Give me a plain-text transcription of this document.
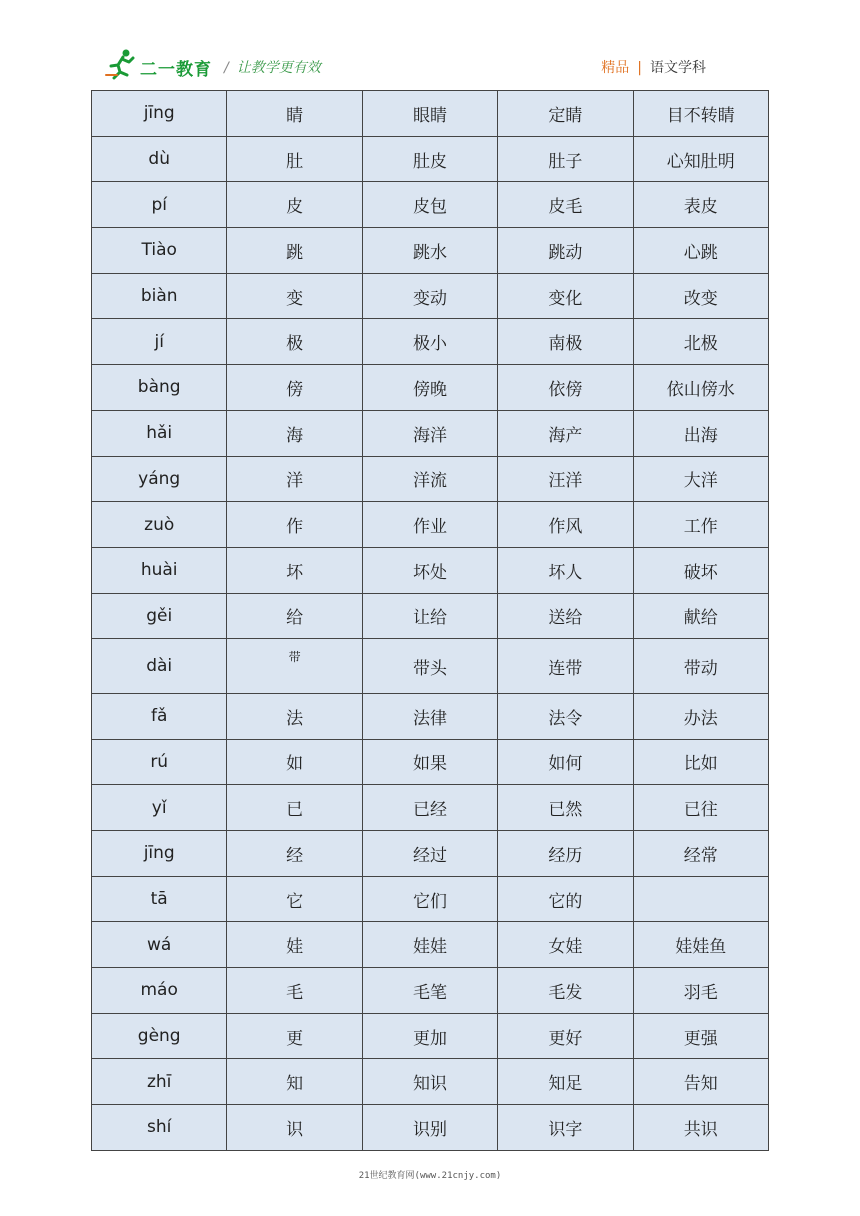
二一教育 / 让教学更有效	精品 | 语文学科
jīng	睛	眼睛	定睛	目不转睛
dù	肚	肚皮	肚子	心知肚明
pí	皮	皮包	皮毛	表皮
Tiào	跳	跳水	跳动	心跳
biàn	变	变动	变化	改变
jí	极	极小	南极	北极
bàng	傍	傍晚	依傍	依山傍水
hǎi	海	海洋	海产	出海
yáng	洋	洋流	汪洋	大洋
zuò	作	作业	作风	工作
huài	坏	坏处	坏人	破坏
gěi	给	让给	送给	献给
dài	带	带头	连带	带动
fǎ	法	法律	法令	办法
rú	如	如果	如何	比如
yǐ	已	已经	已然	已往
jīng	经	经过	经历	经常
tā	它	它们	它的	
wá	娃	娃娃	女娃	娃娃鱼
máo	毛	毛笔	毛发	羽毛
gèng	更	更加	更好	更强
zhī	知	知识	知足	告知
shí	识	识别	识字	共识
21世纪教育网(www.21cnjy.com)
